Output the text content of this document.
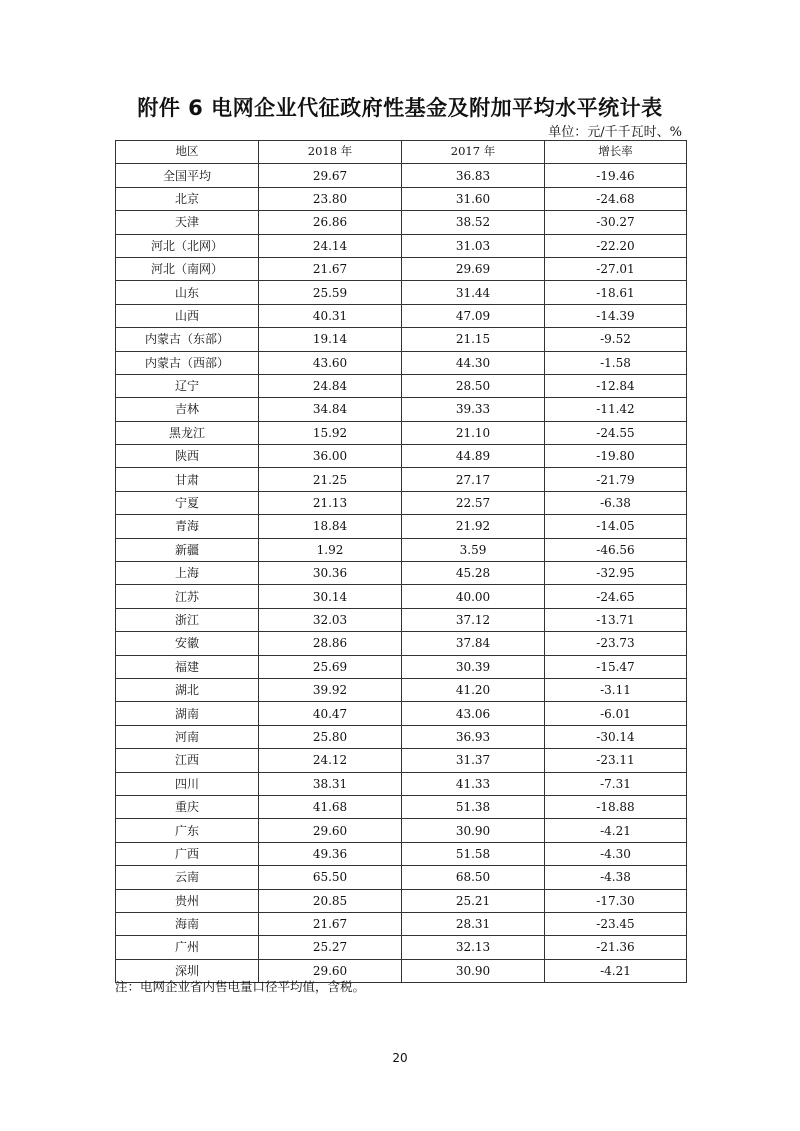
附件 6 电网企业代征政府性基金及附加平均水平统计表
单位：元/千千瓦时、%
地区	2018 年	2017 年	增长率
全国平均	29.67	36.83	-19.46
北京	23.80	31.60	-24.68
天津	26.86	38.52	-30.27
河北（北网）	24.14	31.03	-22.20
河北（南网）	21.67	29.69	-27.01
山东	25.59	31.44	-18.61
山西	40.31	47.09	-14.39
内蒙古（东部）	19.14	21.15	-9.52
内蒙古（西部）	43.60	44.30	-1.58
辽宁	24.84	28.50	-12.84
吉林	34.84	39.33	-11.42
黑龙江	15.92	21.10	-24.55
陕西	36.00	44.89	-19.80
甘肃	21.25	27.17	-21.79
宁夏	21.13	22.57	-6.38
青海	18.84	21.92	-14.05
新疆	1.92	3.59	-46.56
上海	30.36	45.28	-32.95
江苏	30.14	40.00	-24.65
浙江	32.03	37.12	-13.71
安徽	28.86	37.84	-23.73
福建	25.69	30.39	-15.47
湖北	39.92	41.20	-3.11
湖南	40.47	43.06	-6.01
河南	25.80	36.93	-30.14
江西	24.12	31.37	-23.11
四川	38.31	41.33	-7.31
重庆	41.68	51.38	-18.88
广东	29.60	30.90	-4.21
广西	49.36	51.58	-4.30
云南	65.50	68.50	-4.38
贵州	20.85	25.21	-17.30
海南	21.67	28.31	-23.45
广州	25.27	32.13	-21.36
深圳	29.60	30.90	-4.21
注：电网企业省内售电量口径平均值，含税。
20
